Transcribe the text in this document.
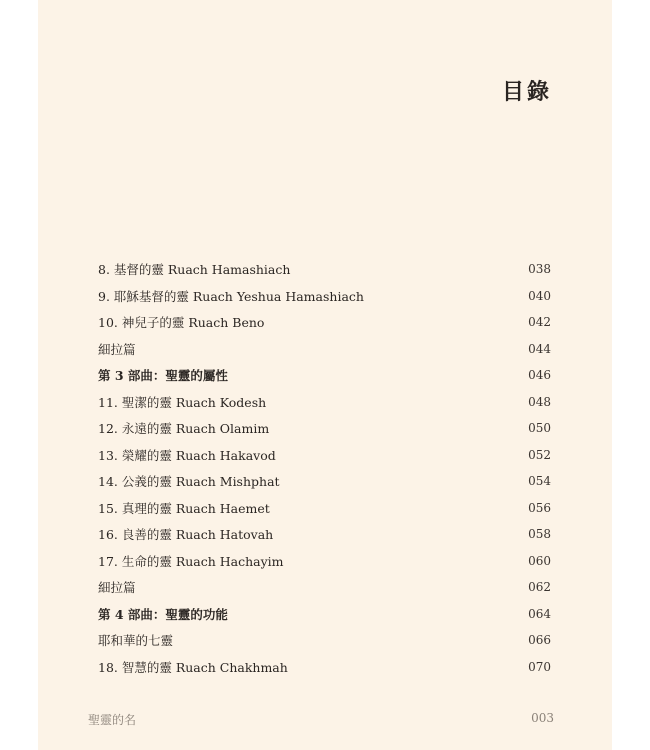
目錄
8. 基督的靈 Ruach Hamashiach	038
9. 耶穌基督的靈 Ruach Yeshua Hamashiach	040
10. 神兒子的靈 Ruach Beno	042
細拉篇	044
第 3 部曲：聖靈的屬性	046
11. 聖潔的靈 Ruach Kodesh	048
12. 永遠的靈 Ruach Olamim	050
13. 榮耀的靈 Ruach Hakavod	052
14. 公義的靈 Ruach Mishphat	054
15. 真理的靈 Ruach Haemet	056
16. 良善的靈 Ruach Hatovah	058
17. 生命的靈 Ruach Hachayim	060
細拉篇	062
第 4 部曲：聖靈的功能	064
耶和華的七靈	066
18. 智慧的靈 Ruach Chakhmah	070
聖靈的名	003
